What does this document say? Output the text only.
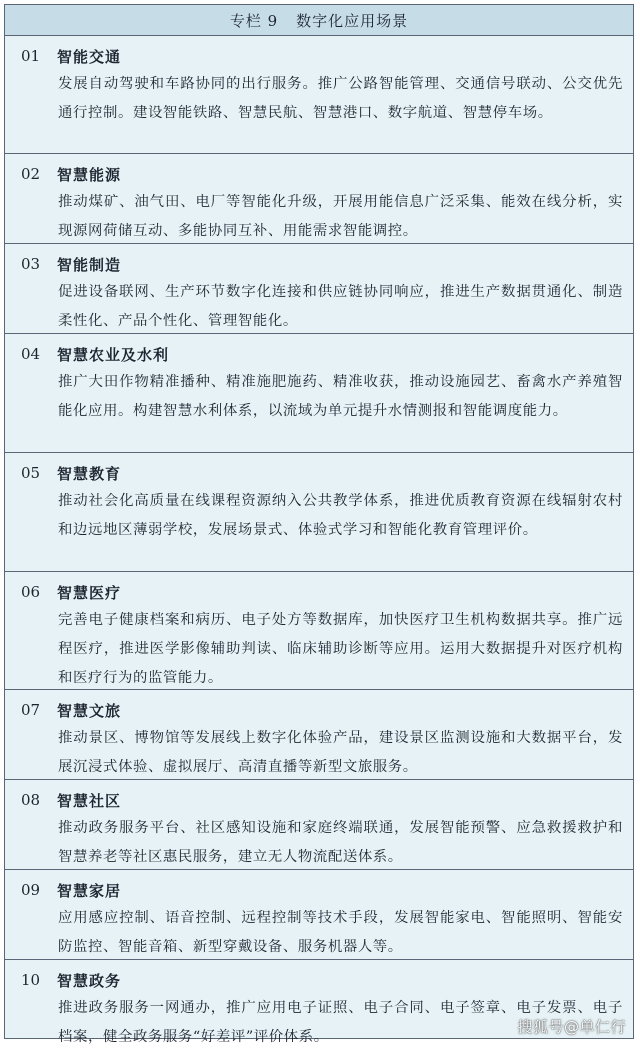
专栏 9 数字化应用场景
01	智能交通
发展自动驾驶和车路协同的出行服务。推广公路智能管理、交通信号联动、公交优先通行控制。建设智能铁路、智慧民航、智慧港口、数字航道、智慧停车场。
02	智慧能源
推动煤矿、油气田、电厂等智能化升级，开展用能信息广泛采集、能效在线分析，实现源网荷储互动、多能协同互补、用能需求智能调控。
03	智能制造
促进设备联网、生产环节数字化连接和供应链协同响应，推进生产数据贯通化、制造柔性化、产品个性化、管理智能化。
04	智慧农业及水利
推广大田作物精准播种、精准施肥施药、精准收获，推动设施园艺、畜禽水产养殖智能化应用。构建智慧水利体系，以流域为单元提升水情测报和智能调度能力。
05	智慧教育
推动社会化高质量在线课程资源纳入公共教学体系，推进优质教育资源在线辐射农村和边远地区薄弱学校，发展场景式、体验式学习和智能化教育管理评价。
06	智慧医疗
完善电子健康档案和病历、电子处方等数据库，加快医疗卫生机构数据共享。推广远程医疗，推进医学影像辅助判读、临床辅助诊断等应用。运用大数据提升对医疗机构和医疗行为的监管能力。
07	智慧文旅
推动景区、博物馆等发展线上数字化体验产品，建设景区监测设施和大数据平台，发展沉浸式体验、虚拟展厅、高清直播等新型文旅服务。
08	智慧社区
推动政务服务平台、社区感知设施和家庭终端联通，发展智能预警、应急救援救护和智慧养老等社区惠民服务，建立无人物流配送体系。
09	智慧家居
应用感应控制、语音控制、远程控制等技术手段，发展智能家电、智能照明、智能安防监控、智能音箱、新型穿戴设备、服务机器人等。
10	智慧政务
推进政务服务一网通办，推广应用电子证照、电子合同、电子签章、电子发票、电子档案，健全政务服务“好差评”评价体系。
搜狐号@单仁行
